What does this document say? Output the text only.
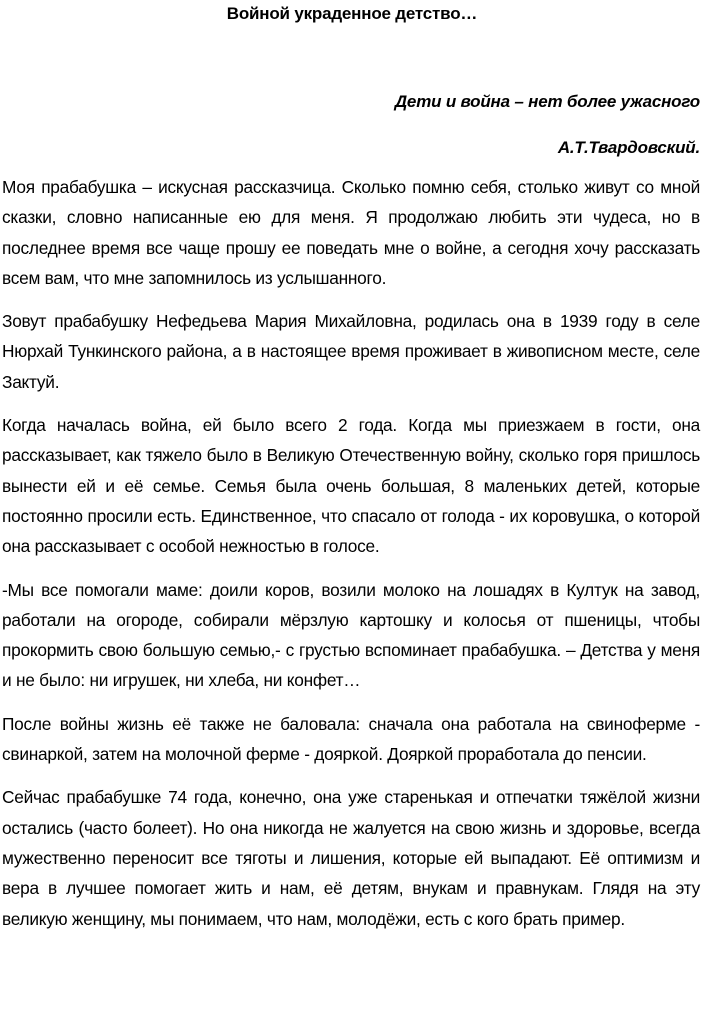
Войной украденное детство…
Дети и война – нет более ужасного
А.Т.Твардовский.

Моя прабабушка – искусная рассказчица. Сколько помню себя, столько живут со мной сказки, словно написанные ею для меня. Я продолжаю любить эти чудеса, но в последнее время все чаще прошу ее поведать мне о войне, а сегодня хочу рассказать всем вам, что мне запомнилось из услышанного.

Зовут прабабушку Нефедьева Мария Михайловна, родилась она в 1939 году в селе Нюрхай Тункинского района, а в настоящее время проживает в живописном месте, селе Зактуй.

Когда началась война, ей было всего 2 года. Когда мы приезжаем в гости, она рассказывает, как тяжело было в Великую Отечественную войну, сколько горя пришлось вынести ей и её семье. Семья была очень большая, 8 маленьких детей, которые постоянно просили есть. Единственное, что спасало от голода - их коровушка, о которой она рассказывает с особой нежностью в голосе.

-Мы все помогали маме: доили коров, возили молоко на лошадях в Култук на завод, работали на огороде, собирали мёрзлую картошку и колосья от пшеницы, чтобы прокормить свою большую семью,- с грустью вспоминает прабабушка. – Детства у меня и не было: ни игрушек, ни хлеба, ни конфет…

После войны жизнь её также не баловала: сначала она работала на свиноферме - свинаркой, затем на молочной ферме - дояркой. Дояркой проработала до пенсии.

Сейчас прабабушке 74 года, конечно, она уже старенькая и отпечатки тяжёлой жизни остались (часто болеет). Но она никогда не жалуется на свою жизнь и здоровье, всегда мужественно переносит все тяготы и лишения, которые ей выпадают. Её оптимизм и вера в лучшее помогает жить и нам, её детям, внукам и правнукам. Глядя на эту великую женщину, мы понимаем, что нам, молодёжи, есть с кого брать пример.
